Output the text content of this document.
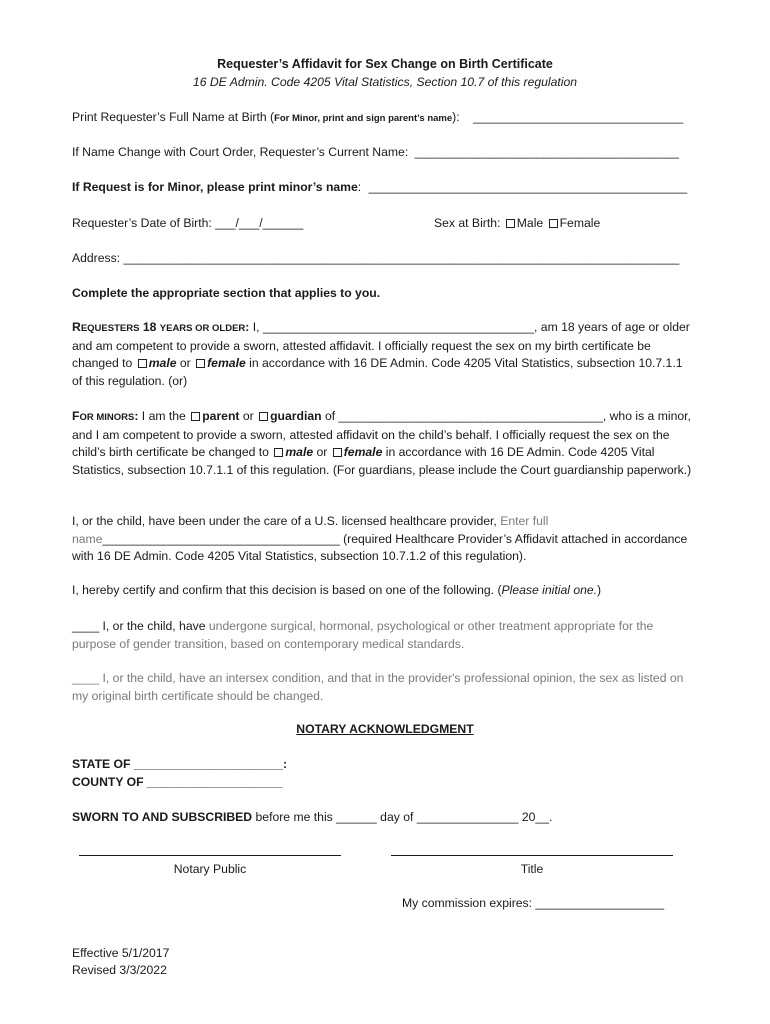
Requester’s Affidavit for Sex Change on Birth Certificate
16 DE Admin. Code 4205 Vital Statistics, Section 10.7 of this regulation
Print Requester’s Full Name at Birth (For Minor, print and sign parent’s name): _______________________________
If Name Change with Court Order, Requester’s Current Name: _______________________________________
If Request is for Minor, please print minor’s name: _______________________________________________
Requester’s Date of Birth: ___/___/______	Sex at Birth: Male Female
Address: __________________________________________________________________________________
Complete the appropriate section that applies to you.
REQUESTERS 18 YEARS OR OLDER: I, ________________________________________, am 18 years of age or older and am competent to provide a sworn, attested affidavit. I officially request the sex on my birth certificate be changed to male or female in accordance with 16 DE Admin. Code 4205 Vital Statistics, subsection 10.7.1.1 of this regulation. (or)
FOR MINORS: I am the parent or guardian of _______________________________________, who is a minor, and I am competent to provide a sworn, attested affidavit on the child’s behalf. I officially request the sex on the child’s birth certificate be changed to male or female in accordance with 16 DE Admin. Code 4205 Vital Statistics, subsection 10.7.1.1 of this regulation. (For guardians, please include the Court guardianship paperwork.)
I, or the child, have been under the care of a U.S. licensed healthcare provider, Enter full name___________________________________ (required Healthcare Provider’s Affidavit attached in accordance with 16 DE Admin. Code 4205 Vital Statistics, subsection 10.7.1.2 of this regulation).
I, hereby certify and confirm that this decision is based on one of the following. (Please initial one.)
____ I, or the child, have undergone surgical, hormonal, psychological or other treatment appropriate for the purpose of gender transition, based on contemporary medical standards.
____ I, or the child, have an intersex condition, and that in the provider's professional opinion, the sex as listed on my original birth certificate should be changed.
NOTARY ACKNOWLEDGMENT
STATE OF ______________________:
COUNTY OF ____________________
SWORN TO AND SUBSCRIBED before me this ______ day of _______________ 20__.
Notary Public	Title
My commission expires: ___________________
Effective 5/1/2017
Revised 3/3/2022
